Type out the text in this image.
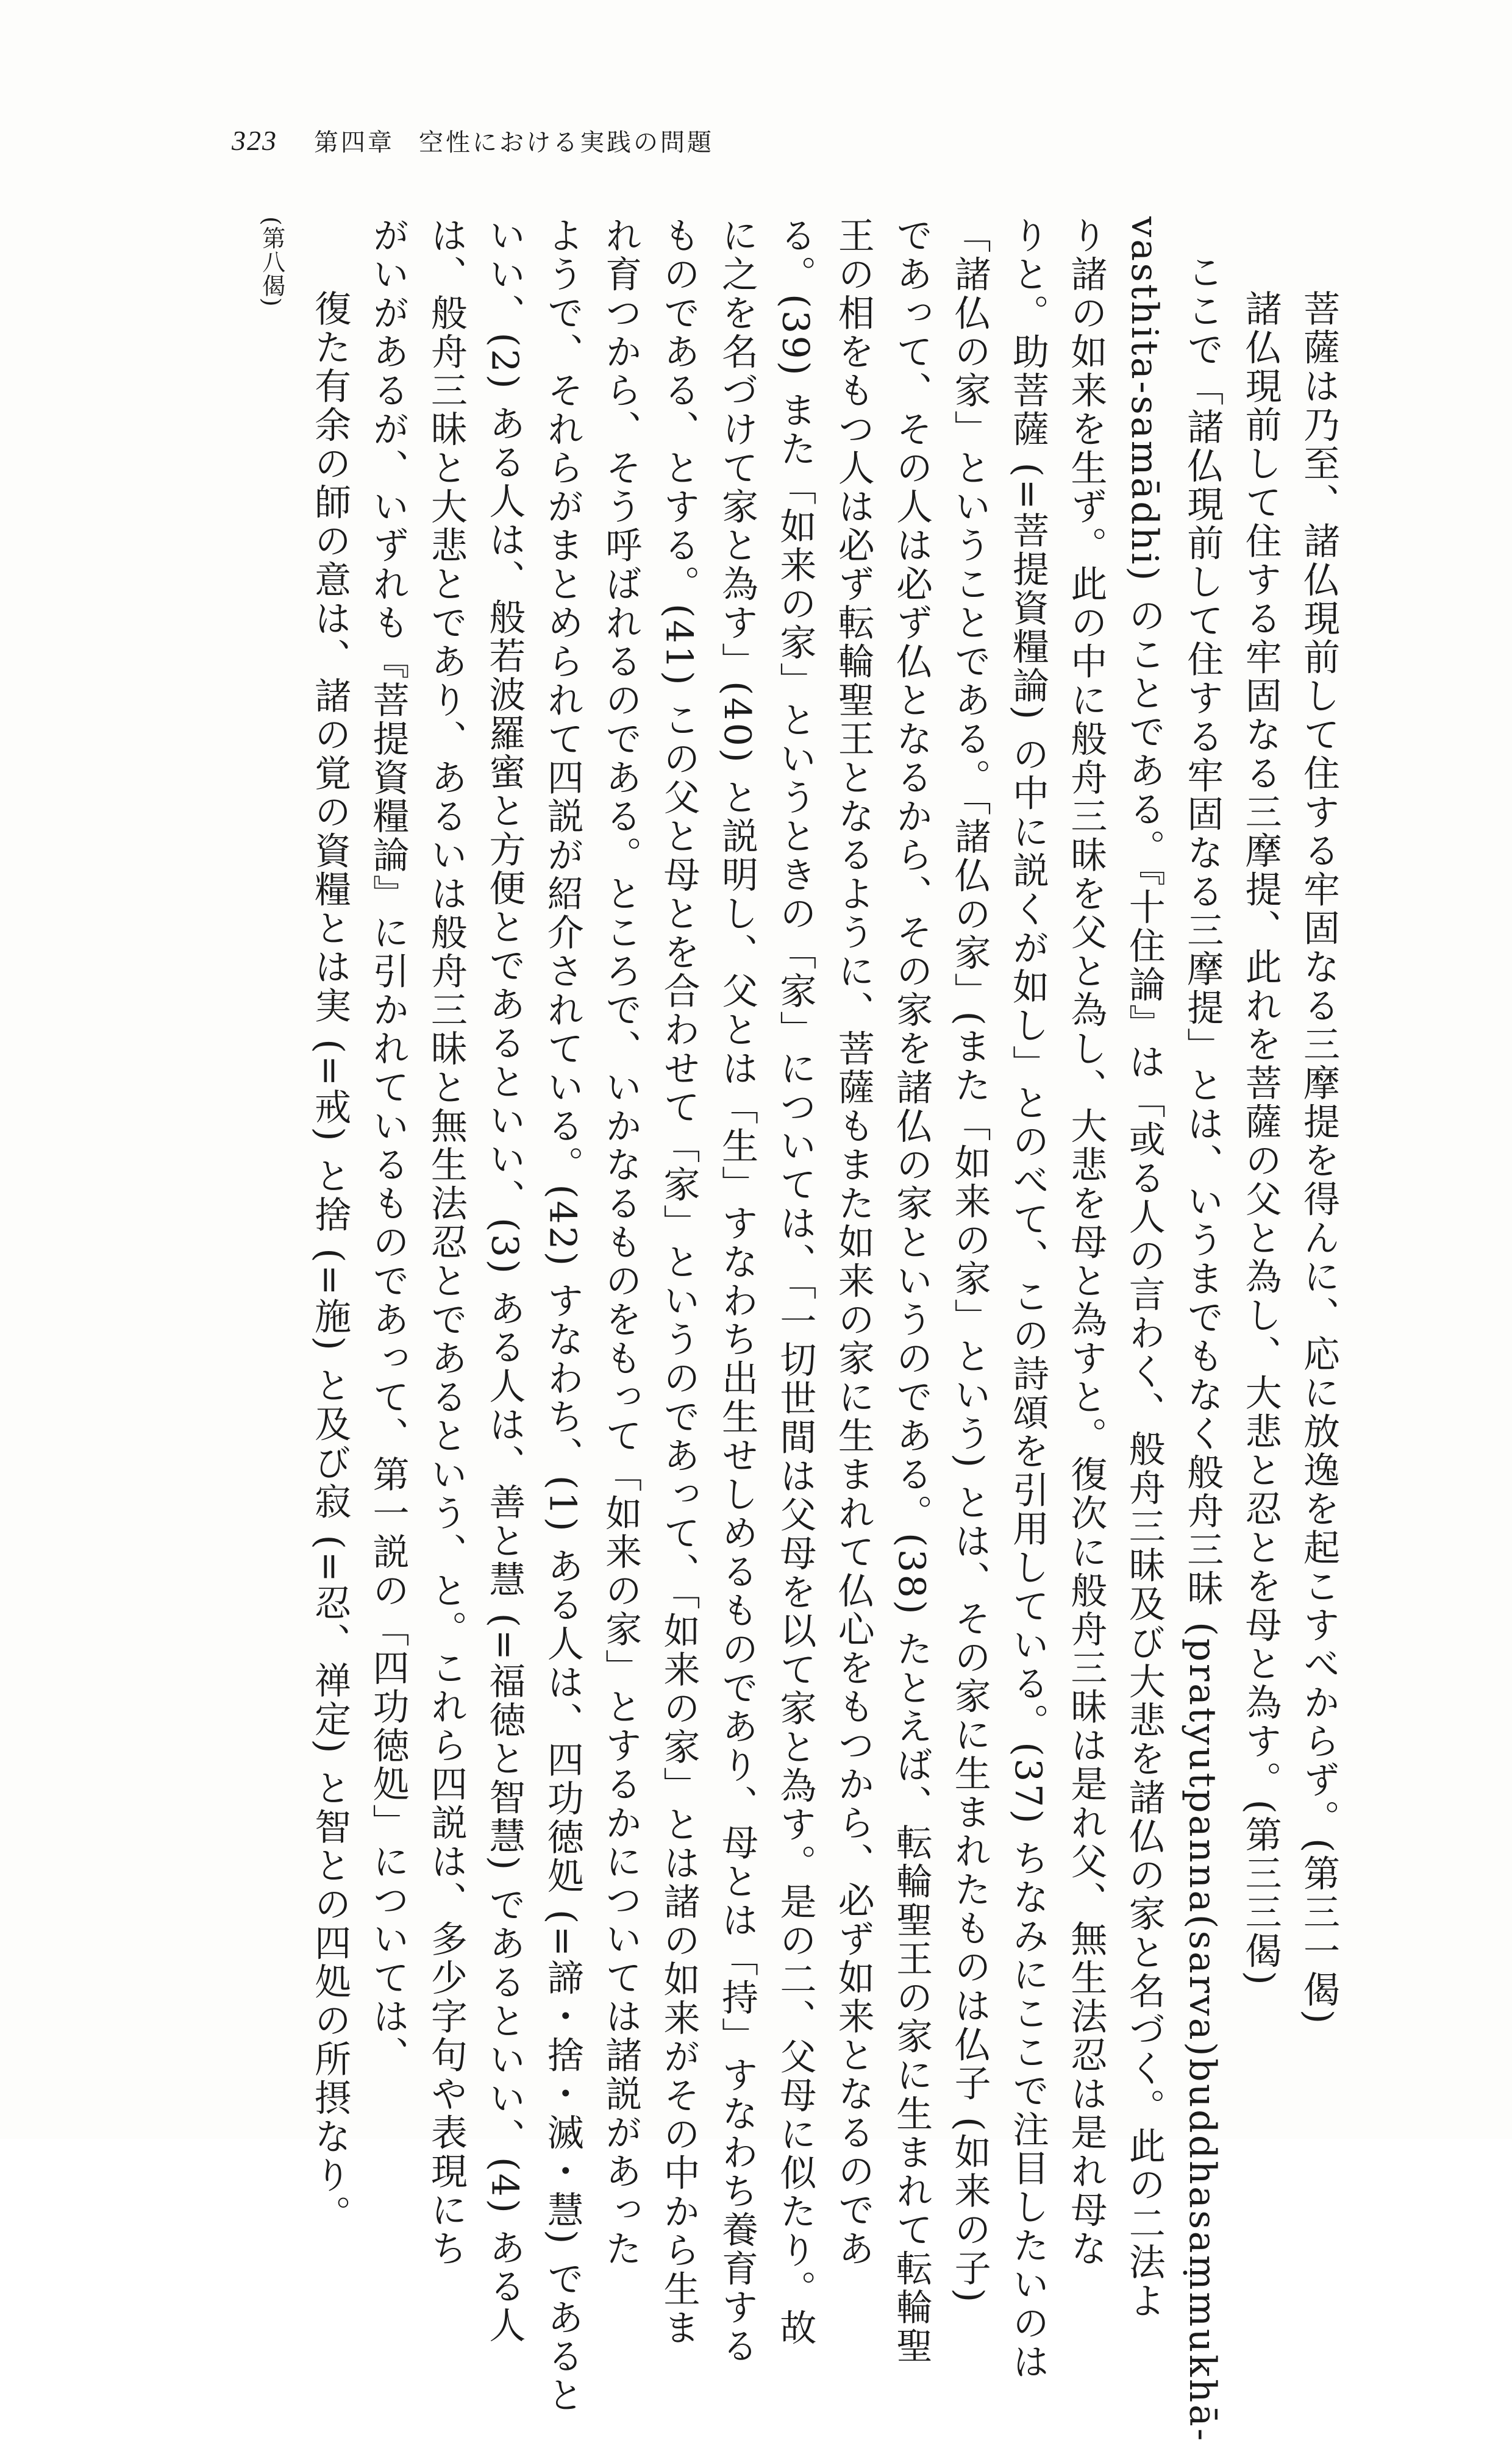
323 第四章 空性における実践の問題
菩薩は乃至、諸仏現前して住する牢固なる三摩提を得んに、応に放逸を起こすべからず。(第三一偈)
諸仏現前して住する牢固なる三摩提、此れを菩薩の父と為し、大悲と忍とを母と為す。(第三三偈)
ここで「諸仏現前して住する牢固なる三摩提」とは、いうまでもなく般舟三昧 (pratyutpanna(sarva)buddhasaṃmukhā-
vasthita-samādhi) のことである。『十住論』は「或る人の言わく、般舟三昧及び大悲を諸仏の家と名づく。此の二法よ
り諸の如来を生ず。此の中に般舟三昧を父と為し、大悲を母と為すと。復次に般舟三昧は是れ父、無生法忍は是れ母な
りと。助菩薩 (=菩提資糧論) の中に説くが如し」とのべて、この詩頌を引用している。(37) ちなみにここで注目したいのは
「諸仏の家」ということである。「諸仏の家」(また「如来の家」という) とは、その家に生まれたものは仏子 (如来の子)
であって、その人は必ず仏となるから、その家を諸仏の家というのである。(38) たとえば、転輪聖王の家に生まれて転輪聖
王の相をもつ人は必ず転輪聖王となるように、菩薩もまた如来の家に生まれて仏心をもつから、必ず如来となるのであ
る。(39) また「如来の家」というときの「家」については、「一切世間は父母を以て家と為す。是の二、父母に似たり。故
に之を名づけて家と為す」(40) と説明し、父とは「生」すなわち出生せしめるものであり、母とは「持」すなわち養育する
ものである、とする。(41) この父と母とを合わせて「家」というのであって、「如来の家」とは諸の如来がその中から生ま
れ育つから、そう呼ばれるのである。ところで、いかなるものをもって「如来の家」とするかについては諸説があった
ようで、それらがまとめられて四説が紹介されている。(42) すなわち、(1) ある人は、四功徳処 (=諦・捨・滅・慧) であると
いい、(2) ある人は、般若波羅蜜と方便とであるといい、(3) ある人は、善と慧 (=福徳と智慧) であるといい、(4) ある人
は、般舟三昧と大悲とであり、あるいは般舟三昧と無生法忍とであるという、と。これら四説は、多少字句や表現にち
がいがあるが、いずれも『菩提資糧論』に引かれているものであって、第一説の「四功徳処」については、
復た有余の師の意は、諸の覚の資糧とは実 (=戒) と捨 (=施) と及び寂 (=忍、禅定) と智との四処の所摂なり。
(第八偈)
